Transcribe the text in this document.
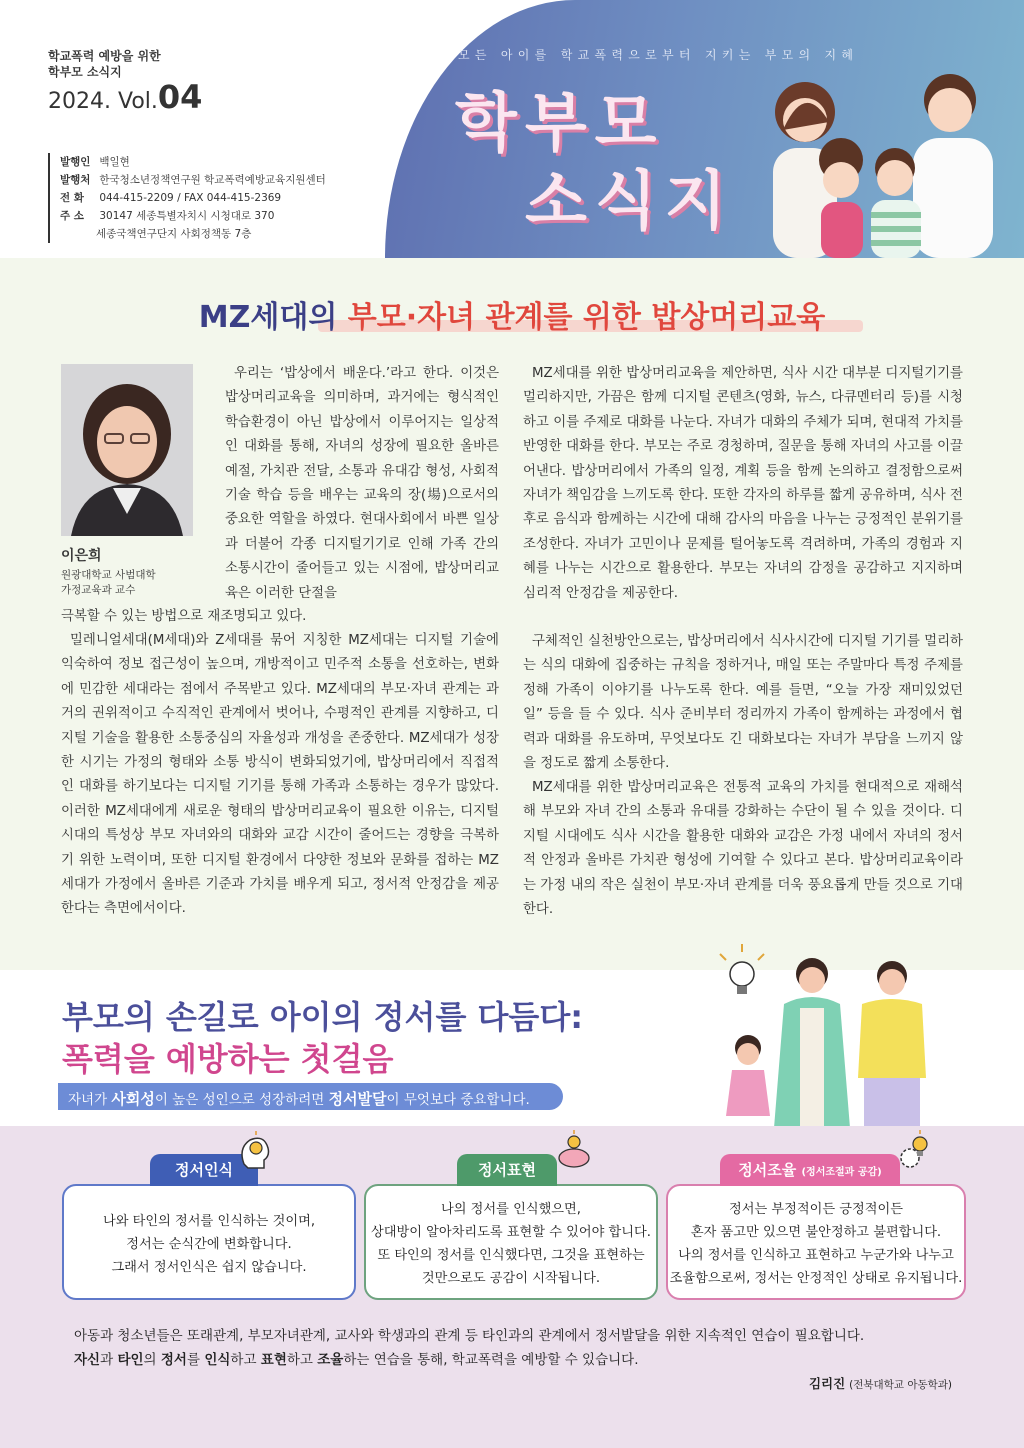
학교폭력 예방을 위한
학부모 소식지
2024. Vol.04
발행인 백일현
발행처 한국청소년정책연구원 학교폭력예방교육지원센터
전 화 044-415-2209 / FAX 044-415-2369
주 소 30147 세종특별자치시 시청대로 370
세종국책연구단지 사회정책동 7층
모든 아이를 학교폭력으로부터 지키는 부모의 지혜
학부모
소식지
MZ세대의 부모·자녀 관계를 위한 밥상머리교육
이은희
원광대학교 사범대학
가정교육과 교수
우리는 ‘밥상에서 배운다.’라고 한다. 이것은 밥상머리교육을 의미하며, 과거에는 형식적인 학습환경이 아닌 밥상에서 이루어지는 일상적인 대화를 통해, 자녀의 성장에 필요한 올바른 예절, 가치관 전달, 소통과 유대감 형성, 사회적 기술 학습 등을 배우는 교육의 장(場)으로서의 중요한 역할을 하였다. 현대사회에서 바쁜 일상과 더불어 각종 디지털기기로 인해 가족 간의 소통시간이 줄어들고 있는 시점에, 밥상머리교육은 이러한 단절을
극복할 수 있는 방법으로 재조명되고 있다.
밀레니얼세대(M세대)와 Z세대를 묶어 지칭한 MZ세대는 디지털 기술에 익숙하여 정보 접근성이 높으며, 개방적이고 민주적 소통을 선호하는, 변화에 민감한 세대라는 점에서 주목받고 있다. MZ세대의 부모·자녀 관계는 과거의 권위적이고 수직적인 관계에서 벗어나, 수평적인 관계를 지향하고, 디지털 기술을 활용한 소통중심의 자율성과 개성을 존중한다. MZ세대가 성장한 시기는 가정의 형태와 소통 방식이 변화되었기에, 밥상머리에서 직접적인 대화를 하기보다는 디지털 기기를 통해 가족과 소통하는 경우가 많았다. 이러한 MZ세대에게 새로운 형태의 밥상머리교육이 필요한 이유는, 디지털 시대의 특성상 부모 자녀와의 대화와 교감 시간이 줄어드는 경향을 극복하기 위한 노력이며, 또한 디지털 환경에서 다양한 정보와 문화를 접하는 MZ세대가 가정에서 올바른 기준과 가치를 배우게 되고, 정서적 안정감을 제공한다는 측면에서이다.
MZ세대를 위한 밥상머리교육을 제안하면, 식사 시간 대부분 디지털기기를 멀리하지만, 가끔은 함께 디지털 콘텐츠(영화, 뉴스, 다큐멘터리 등)를 시청하고 이를 주제로 대화를 나눈다. 자녀가 대화의 주체가 되며, 현대적 가치를 반영한 대화를 한다. 부모는 주로 경청하며, 질문을 통해 자녀의 사고를 이끌어낸다. 밥상머리에서 가족의 일정, 계획 등을 함께 논의하고 결정함으로써 자녀가 책임감을 느끼도록 한다. 또한 각자의 하루를 짧게 공유하며, 식사 전후로 음식과 함께하는 시간에 대해 감사의 마음을 나누는 긍정적인 분위기를 조성한다. 자녀가 고민이나 문제를 털어놓도록 격려하며, 가족의 경험과 지혜를 나누는 시간으로 활용한다. 부모는 자녀의 감정을 공감하고 지지하며 심리적 안정감을 제공한다.
구체적인 실천방안으로는, 밥상머리에서 식사시간에 디지털 기기를 멀리하는 식의 대화에 집중하는 규칙을 정하거나, 매일 또는 주말마다 특정 주제를 정해 가족이 이야기를 나누도록 한다. 예를 들면, “오늘 가장 재미있었던 일” 등을 들 수 있다. 식사 준비부터 정리까지 가족이 함께하는 과정에서 협력과 대화를 유도하며, 무엇보다도 긴 대화보다는 자녀가 부담을 느끼지 않을 정도로 짧게 소통한다.
MZ세대를 위한 밥상머리교육은 전통적 교육의 가치를 현대적으로 재해석해 부모와 자녀 간의 소통과 유대를 강화하는 수단이 될 수 있을 것이다. 디지털 시대에도 식사 시간을 활용한 대화와 교감은 가정 내에서 자녀의 정서적 안정과 올바른 가치관 형성에 기여할 수 있다고 본다. 밥상머리교육이라는 가정 내의 작은 실천이 부모·자녀 관계를 더욱 풍요롭게 만들 것으로 기대한다.
부모의 손길로 아이의 정서를 다듬다:
폭력을 예방하는 첫걸음
자녀가 사회성이 높은 성인으로 성장하려면 정서발달이 무엇보다 중요합니다.
나와 타인의 정서를 인식하는 것이며,
정서는 순식간에 변화합니다.
그래서 정서인식은 쉽지 않습니다.
정서인식
나의 정서를 인식했으면,
상대방이 알아차리도록 표현할 수 있어야 합니다.
또 타인의 정서를 인식했다면, 그것을 표현하는
것만으로도 공감이 시작됩니다.
정서표현
정서는 부정적이든 긍정적이든
혼자 품고만 있으면 불안정하고 불편합니다.
나의 정서를 인식하고 표현하고 누군가와 나누고
조율함으로써, 정서는 안정적인 상태로 유지됩니다.
정서조율 (정서조절과 공감)
아동과 청소년들은 또래관계, 부모자녀관계, 교사와 학생과의 관계 등 타인과의 관계에서 정서발달을 위한 지속적인 연습이 필요합니다.
자신과 타인의 정서를 인식하고 표현하고 조율하는 연습을 통해, 학교폭력을 예방할 수 있습니다.
김리진 (전북대학교 아동학과)
